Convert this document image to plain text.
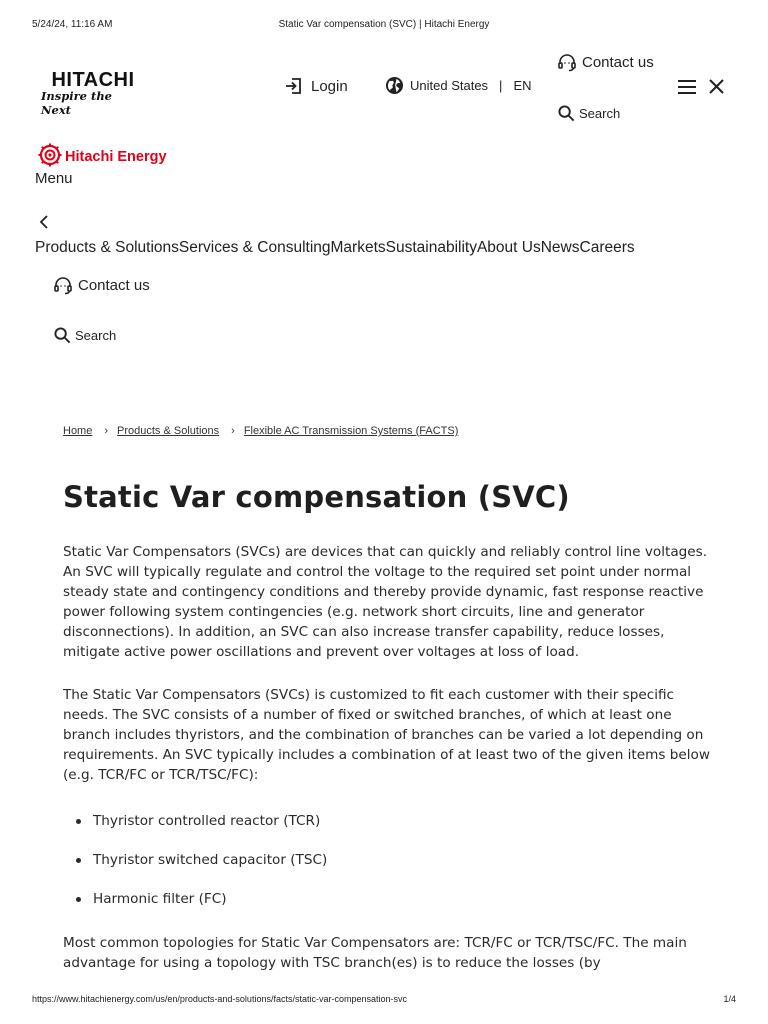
5/24/24, 11:16 AM	Static Var compensation (SVC) | Hitachi Energy
https://www.hitachienergy.com/us/en/products-and-solutions/facts/static-var-compensation-svc	1/4
HITACHI
Inspire the Next
Login	United States | EN
Contact us
Search
Hitachi Energy
Menu
Products & Solutions Services & Consulting Markets Sustainability About Us News Careers
Contact us
Search
Home	› Products & Solutions	› Flexible AC Transmission Systems (FACTS)
Static Var compensation (SVC)

Static Var Compensators (SVCs) are devices that can quickly and reliably control line voltages. An SVC will typically regulate and control the voltage to the required set point under normal steady state and contingency conditions and thereby provide dynamic, fast response reactive power following system contingencies (e.g. network short circuits, line and generator disconnections). In addition, an SVC can also increase transfer capability, reduce losses, mitigate active power oscillations and prevent over voltages at loss of load.

The Static Var Compensators (SVCs) is customized to fit each customer with their specific needs. The SVC consists of a number of fixed or switched branches, of which at least one branch includes thyristors, and the combination of branches can be varied a lot depending on requirements. An SVC typically includes a combination of at least two of the given items below (e.g. TCR/FC or TCR/TSC/FC):

Thyristor controlled reactor (TCR)
Thyristor switched capacitor (TSC)
Harmonic filter (FC)

Most common topologies for Static Var Compensators are: TCR/FC or TCR/TSC/FC. The main advantage for using a topology with TSC branch(es) is to reduce the losses (by
